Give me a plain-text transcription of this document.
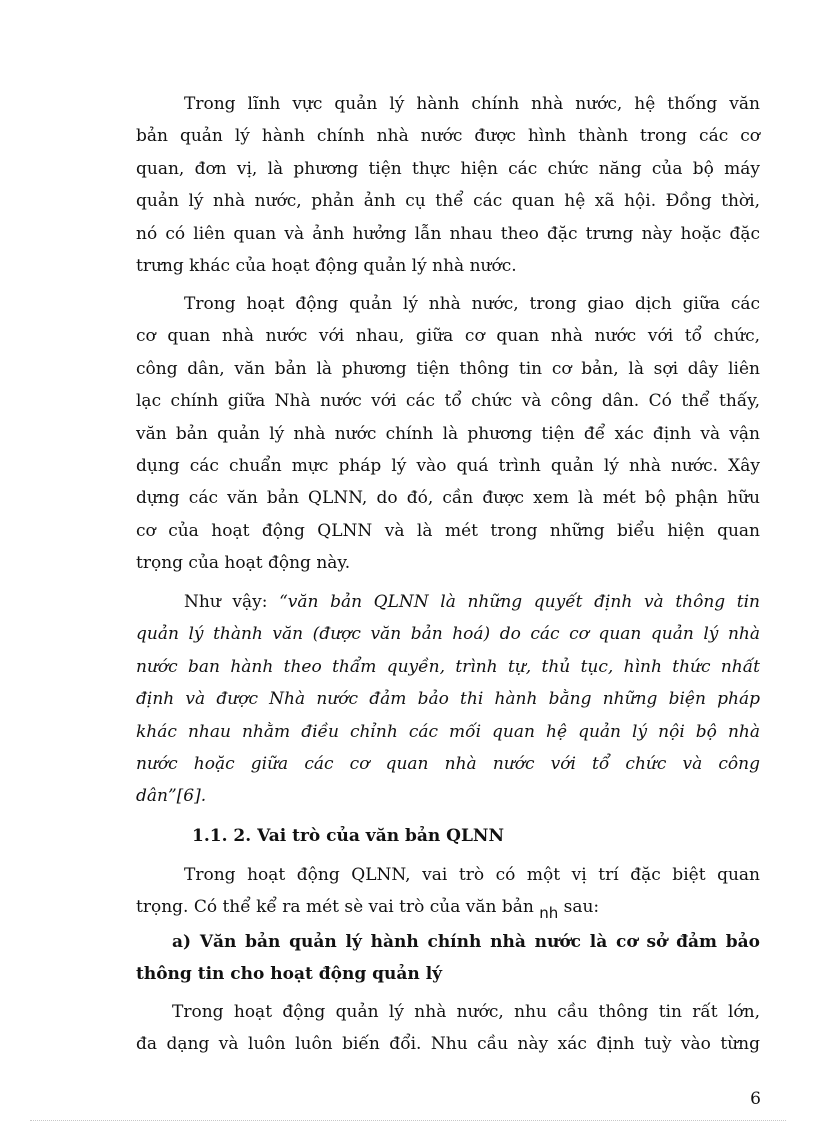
Trong lĩnh vực quản lý hành chính nhà nước, hệ thống văn
bản quản lý hành chính nhà nước được hình thành trong các cơ
quan, đơn vị, là phương tiện thực hiện các chức năng của bộ máy
quản lý nhà nước, phản ảnh cụ thể các quan hệ xã hội. Đồng thời,
nó có liên quan và ảnh hưởng lẫn nhau theo đặc trưng này hoặc đặc
trưng khác của hoạt động quản lý nhà nước.
Trong hoạt động quản lý nhà nước, trong giao dịch giữa các
cơ quan nhà nước với nhau, giữa cơ quan nhà nước với tổ chức,
công dân, văn bản là phương tiện thông tin cơ bản, là sợi dây liên
lạc chính giữa Nhà nước với các tổ chức và công dân. Có thể thấy,
văn bản quản lý nhà nước chính là phương tiện để xác định và vận
dụng các chuẩn mực pháp lý vào quá trình quản lý nhà nước. Xây
dựng các văn bản QLNN, do đó, cần được xem là mét bộ phận hữu
cơ của hoạt động QLNN và là mét trong những biểu hiện quan
trọng của hoạt động này.
Như vậy: “văn bản QLNN là những quyết định và thông tin
quản lý thành văn (được văn bản hoá) do các cơ quan quản lý nhà
nước ban hành theo thẩm quyền, trình tự, thủ tục, hình thức nhất
định và được Nhà nước đảm bảo thi hành bằng những biện pháp
khác nhau nhằm điều chỉnh các mối quan hệ quản lý nội bộ nhà
nước hoặc giữa các cơ quan nhà nước với tổ chức và công
dân”[6].
1.1. 2. Vai trò của văn bản QLNN
Trong hoạt động QLNN, vai trò có một vị trí đặc biệt quan
trọng. Có thể kể ra mét sè vai trò của văn bản nh sau:
a) Văn bản quản lý hành chính nhà nước là cơ sở đảm bảo
thông tin cho hoạt động quản lý
Trong hoạt động quản lý nhà nước, nhu cầu thông tin rất lớn,
đa dạng và luôn luôn biến đổi. Nhu cầu này xác định tuỳ vào từng
6
